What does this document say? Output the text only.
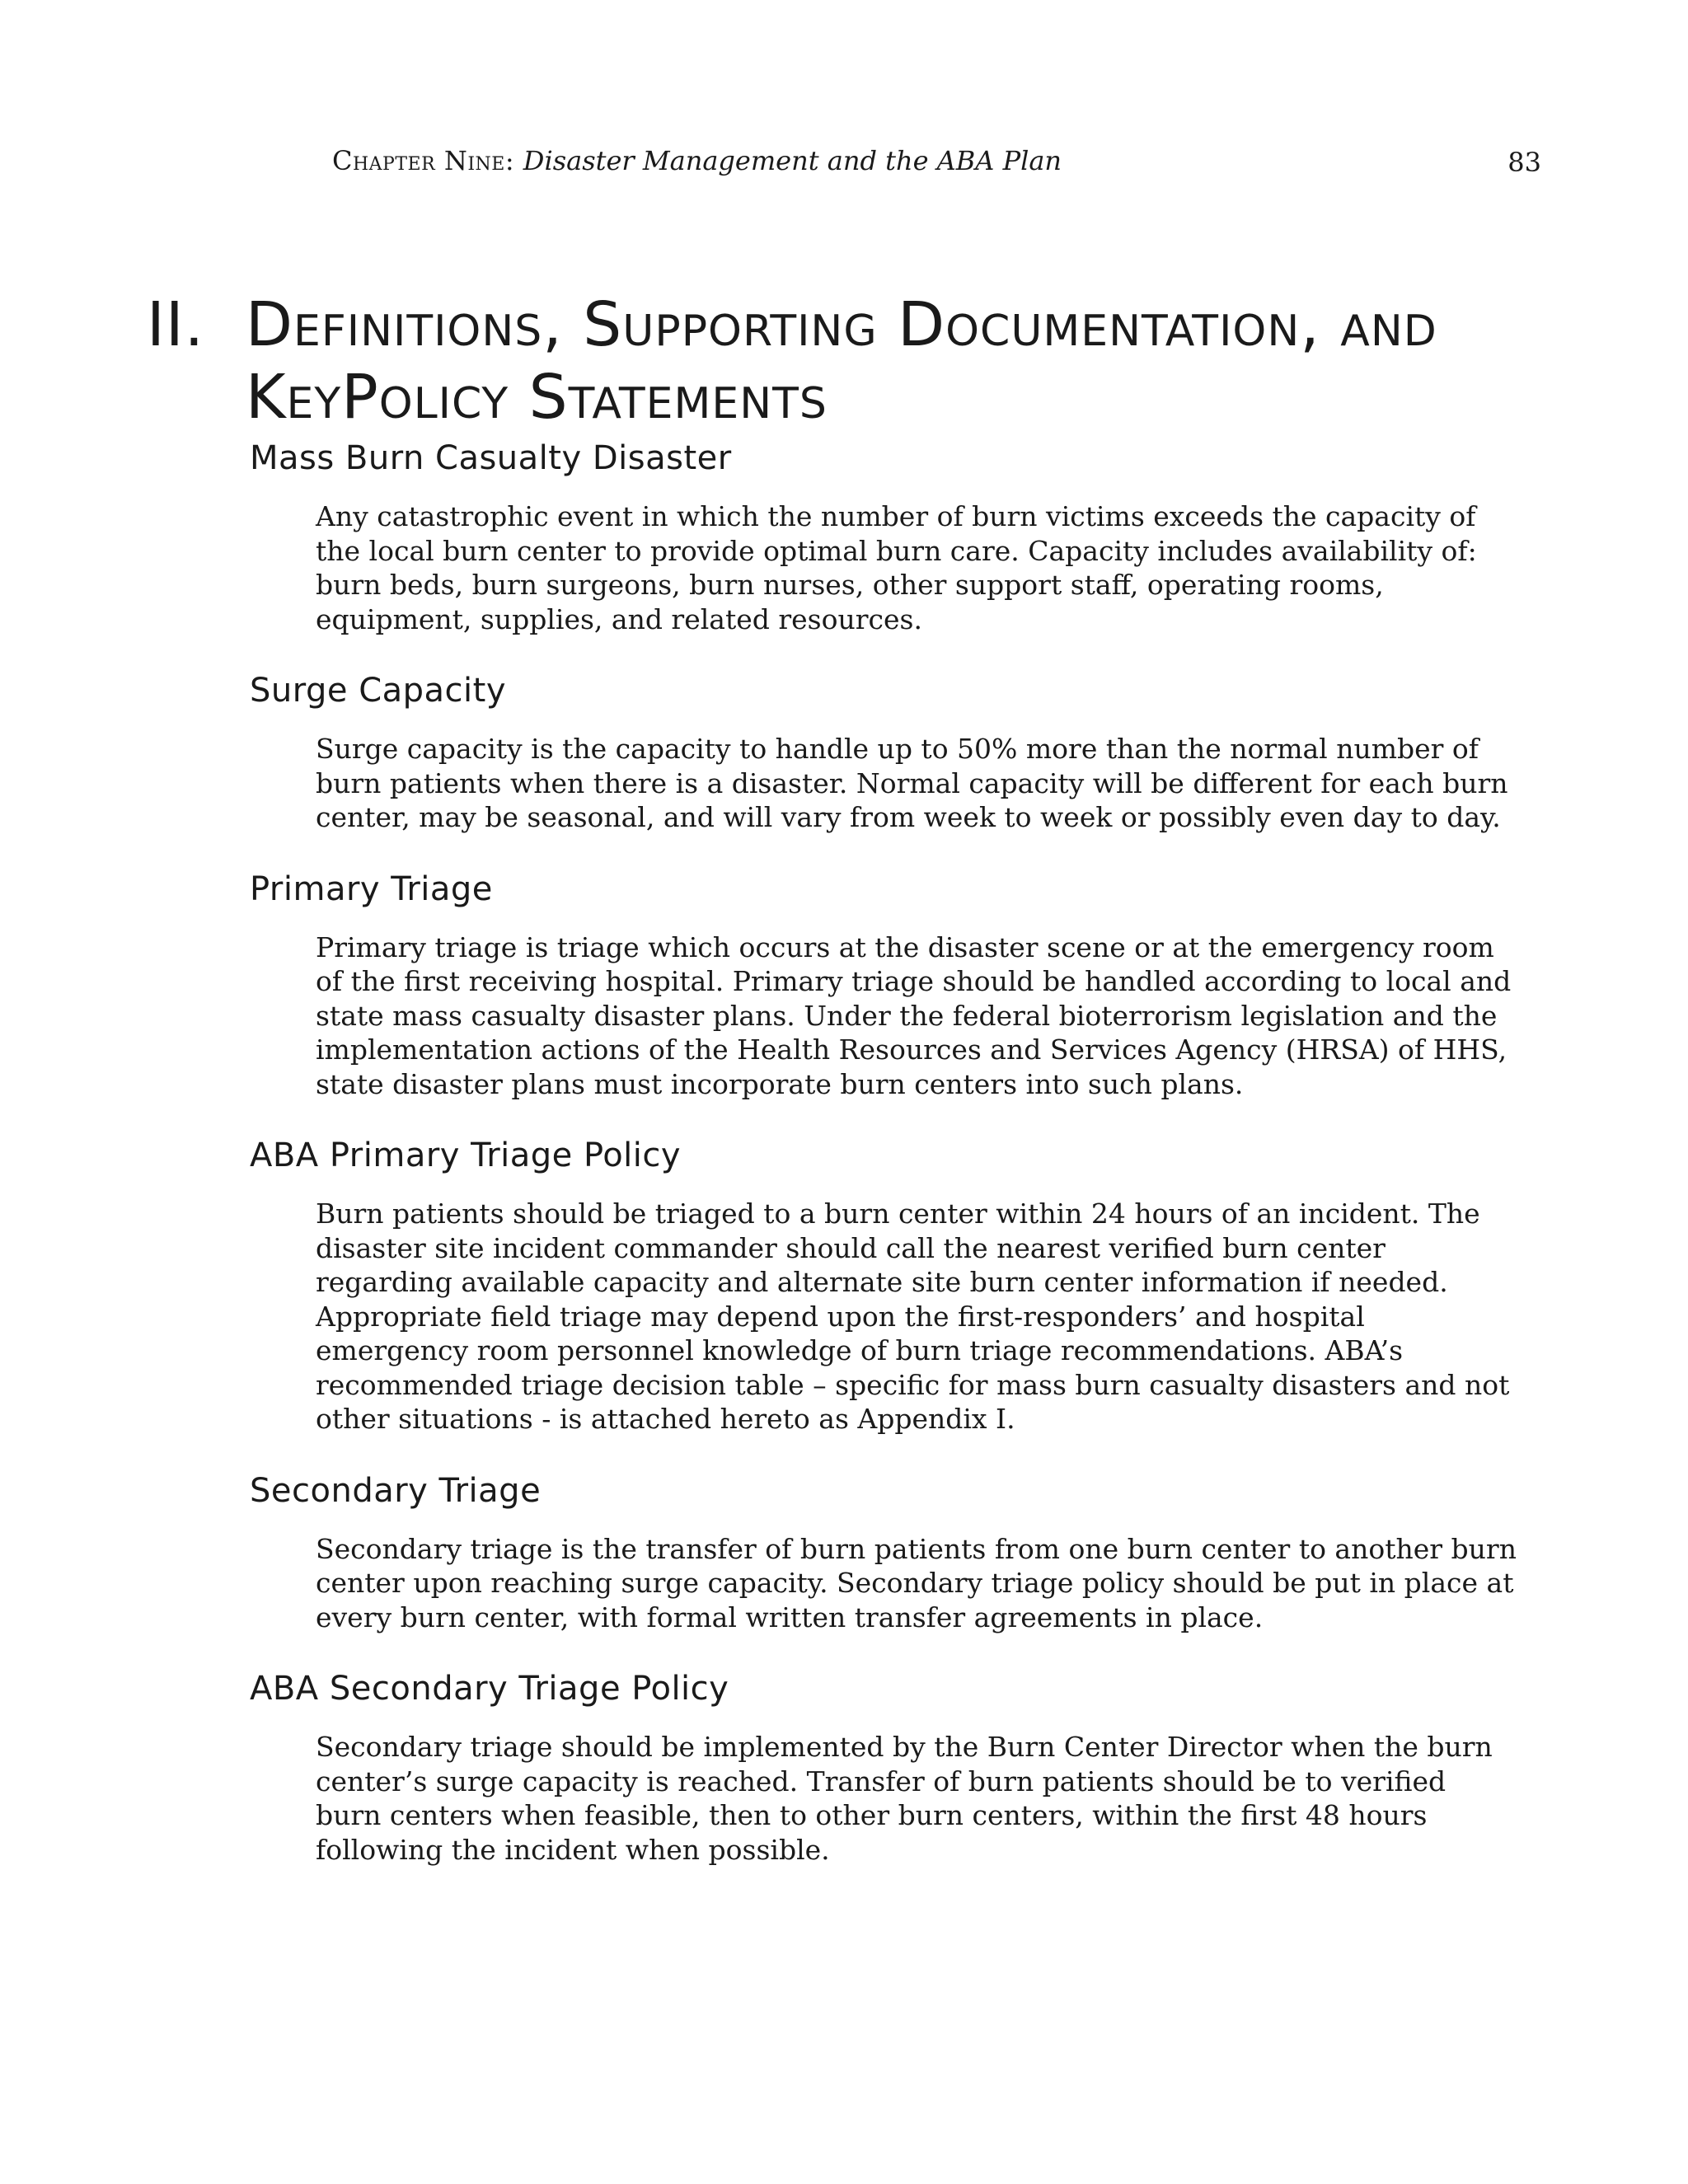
Chapter Nine: Disaster Management and the ABA Plan	83
II. Definitions, Supporting Documentation, and
KeyPolicy Statements
Mass Burn Casualty Disaster

Any catastrophic event in which the number of burn victims exceeds the capacity of the local burn center to provide optimal burn care. Capacity includes availability of: burn beds, burn surgeons, burn nurses, other support staff, operating rooms, equipment, supplies, and related resources.

Surge Capacity

Surge capacity is the capacity to handle up to 50% more than the normal number of burn patients when there is a disaster. Normal capacity will be different for each burn center, may be seasonal, and will vary from week to week or possibly even day to day.

Primary Triage

Primary triage is triage which occurs at the disaster scene or at the emergency room of the first receiving hospital. Primary triage should be handled according to local and state mass casualty disaster plans. Under the federal bioterrorism legislation and the implementation actions of the Health Resources and Services Agency (HRSA) of HHS, state disaster plans must incorporate burn centers into such plans.

ABA Primary Triage Policy

Burn patients should be triaged to a burn center within 24 hours of an incident. The disaster site incident commander should call the nearest verified burn center regarding available capacity and alternate site burn center information if needed. Appropriate field triage may depend upon the first-responders’ and hospital emergency room personnel knowledge of burn triage recommendations. ABA’s recommended triage decision table – specific for mass burn casualty disasters and not other situations - is attached hereto as Appendix I.

Secondary Triage

Secondary triage is the transfer of burn patients from one burn center to another burn center upon reaching surge capacity. Secondary triage policy should be put in place at every burn center, with formal written transfer agreements in place.

ABA Secondary Triage Policy

Secondary triage should be implemented by the Burn Center Director when the burn center’s surge capacity is reached. Transfer of burn patients should be to verified burn centers when feasible, then to other burn centers, within the first 48 hours following the incident when possible.
